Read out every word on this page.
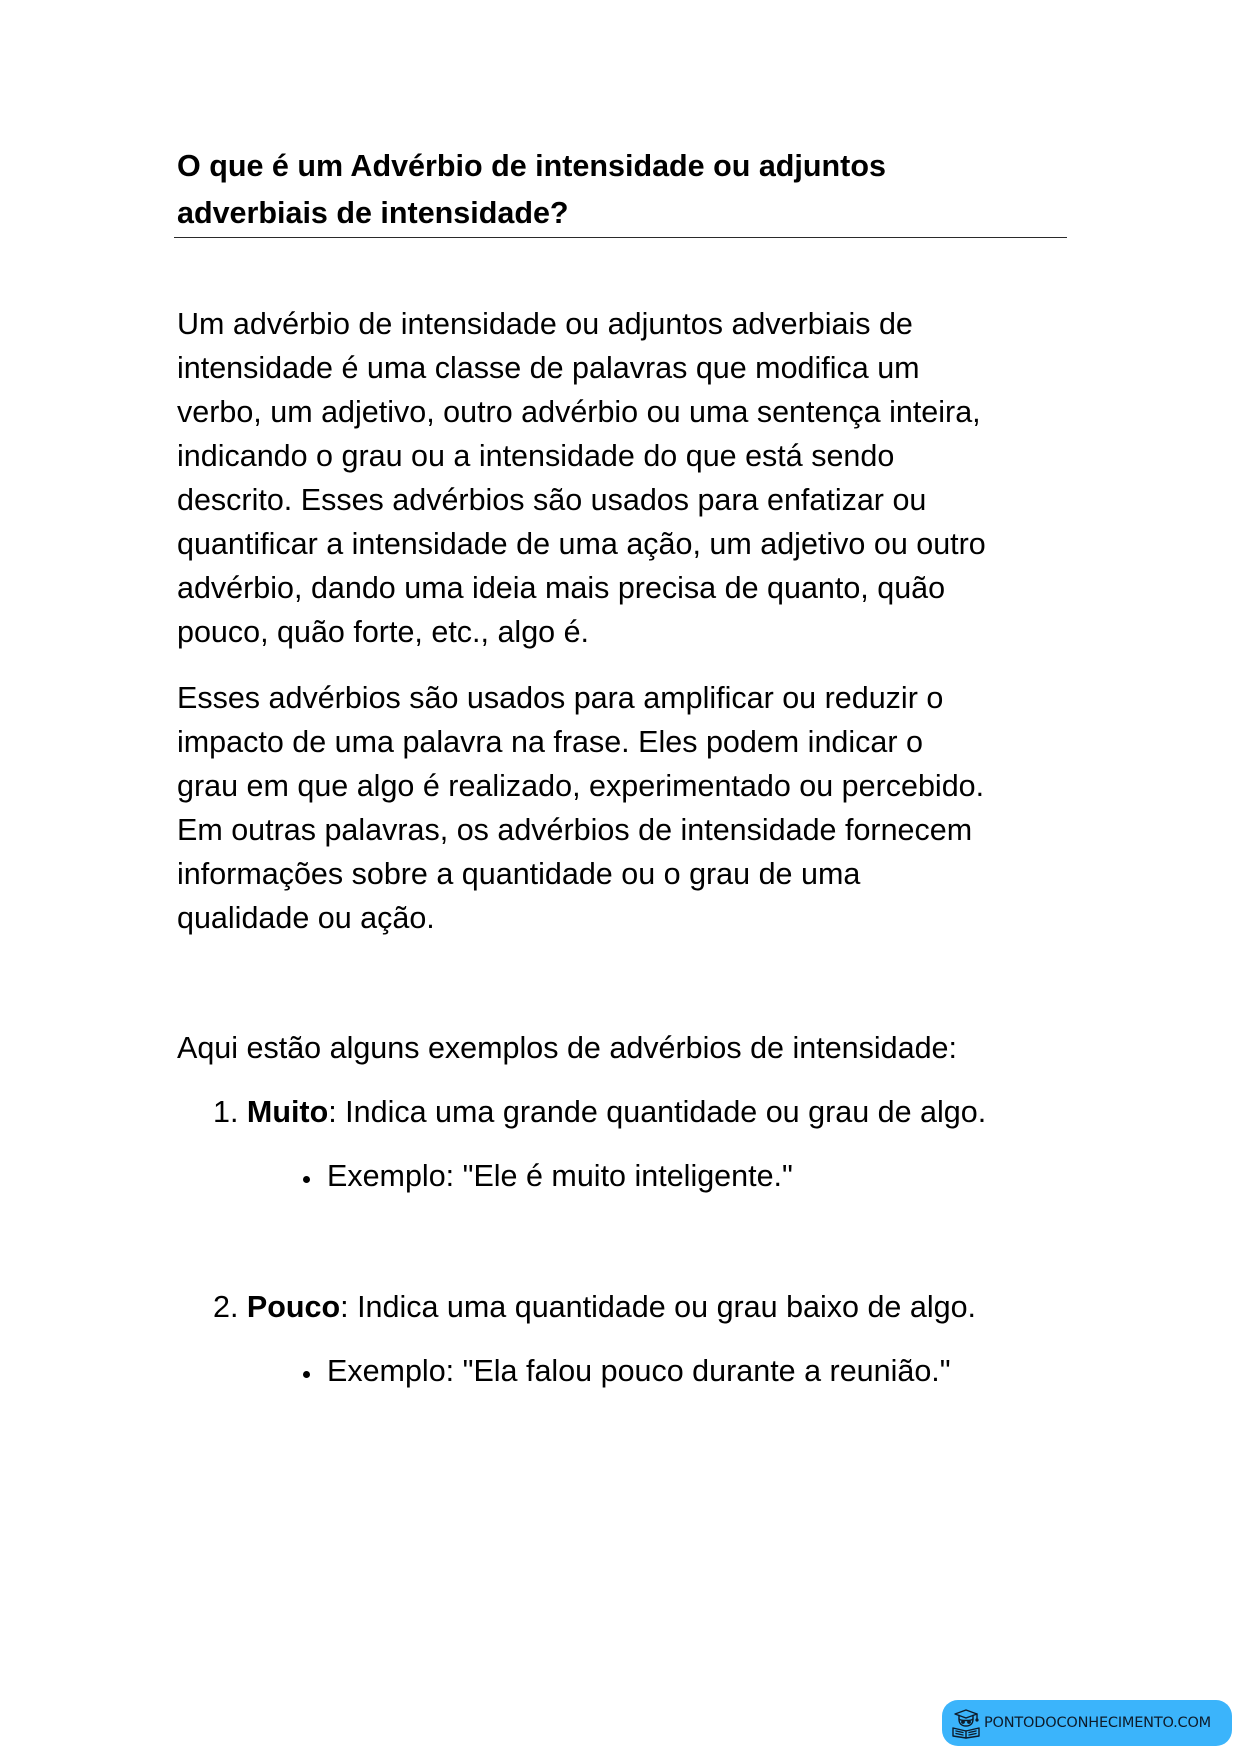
O que é um Advérbio de intensidade ou adjuntos
adverbiais de intensidade?

Um advérbio de intensidade ou adjuntos adverbiais de
intensidade é uma classe de palavras que modifica um
verbo, um adjetivo, outro advérbio ou uma sentença inteira,
indicando o grau ou a intensidade do que está sendo
descrito. Esses advérbios são usados para enfatizar ou
quantificar a intensidade de uma ação, um adjetivo ou outro
advérbio, dando uma ideia mais precisa de quanto, quão
pouco, quão forte, etc., algo é.

Esses advérbios são usados para amplificar ou reduzir o
impacto de uma palavra na frase. Eles podem indicar o
grau em que algo é realizado, experimentado ou percebido.
Em outras palavras, os advérbios de intensidade fornecem
informações sobre a quantidade ou o grau de uma
qualidade ou ação.

Aqui estão alguns exemplos de advérbios de intensidade:

1. Muito: Indica uma grande quantidade ou grau de algo.
Exemplo: "Ele é muito inteligente."
2. Pouco: Indica uma quantidade ou grau baixo de algo.
Exemplo: "Ela falou pouco durante a reunião."
PONTODOCONHECIMENTO.COM
